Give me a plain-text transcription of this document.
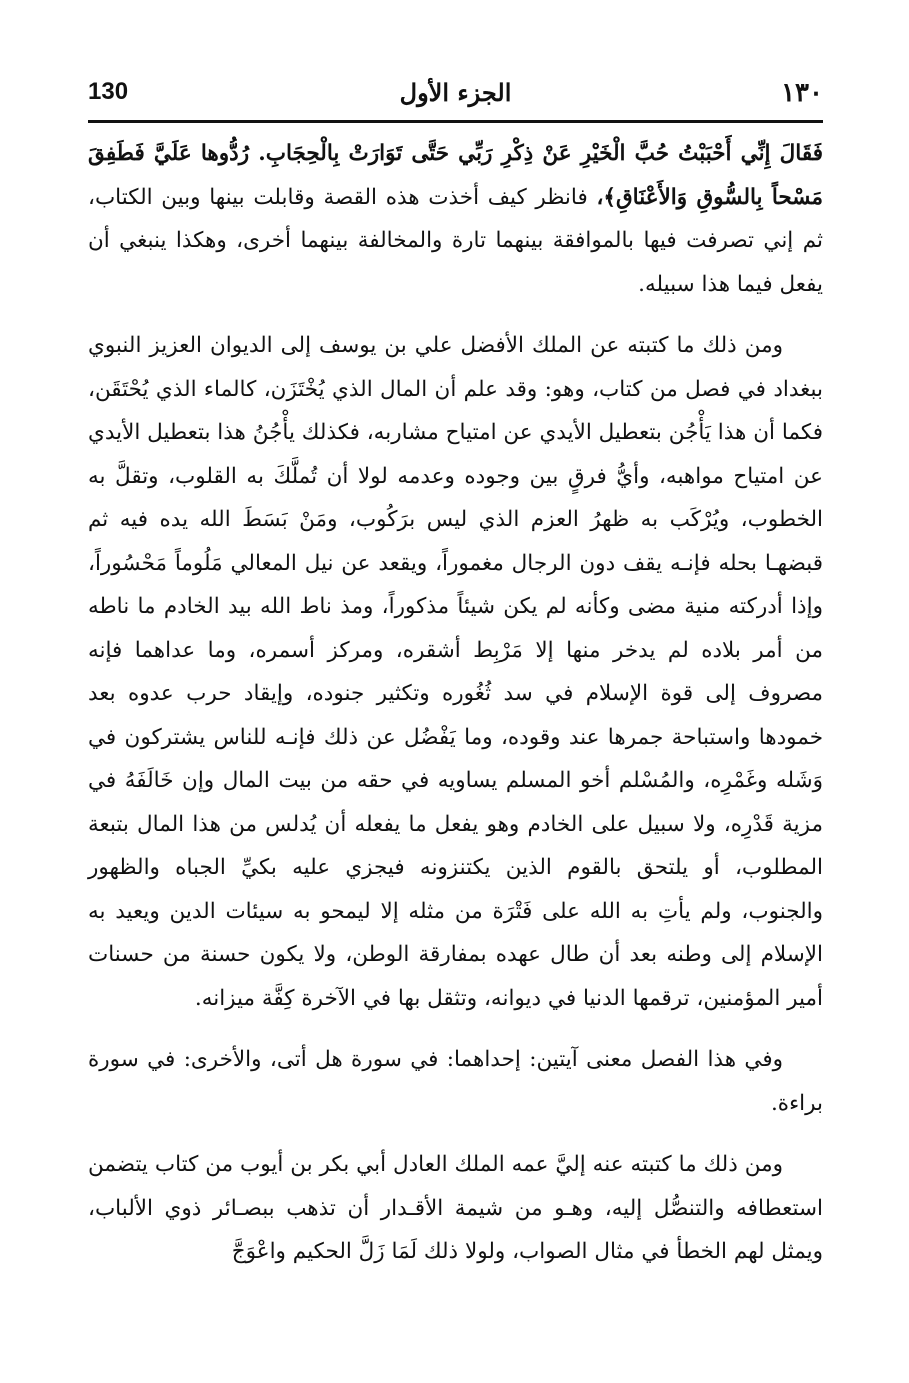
130	الجزء الأول	١٣٠

فَقَالَ إِنِّي أَحْبَبْتُ حُبَّ الْخَيْرِ عَنْ ذِكْرِ رَبِّي حَتَّى تَوَارَتْ بِالْحِجَابِ. رُدُّوها عَلَيَّ فَطَفِقَ مَسْحاً بِالسُّوقِ وَالأَعْنَاقِ﴾، فانظر كيف أخذت هذه القصة وقابلت بينها وبين الكتاب، ثم إني تصرفت فيها بالموافقة بينهما تارة والمخالفة بينهما أخرى، وهكذا ينبغي أن يفعل فيما هذا سبيله.

ومن ذلك ما كتبته عن الملك الأفضل علي بن يوسف إلى الديوان العزيز النبوي ببغداد في فصل من كتاب، وهو: وقد علم أن المال الذي يُخْتَزَن، كالماء الذي يُحْتَقَن، فكما أن هذا يَأْجُن بتعطيل الأيدي عن امتياح مشاربه، فكذلك يأْجُنُ هذا بتعطيل الأيدي عن امتياح مواهبه، وأيُّ فرقٍ بين وجوده وعدمه لولا أن تُملَّكَ به القلوب، وتقلَّ به الخطوب، ويُرْكَب به ظهرُ العزم الذي ليس برَكُوب، ومَنْ بَسَطَ الله يده فيه ثم قبضهـا بحله فإنـه يقف دون الرجال مغموراً، ويقعد عن نيل المعالي مَلُوماً مَحْسُوراً، وإذا أدركته منية مضى وكأنه لم يكن شيئاً مذكوراً، ومذ ناط الله بيد الخادم ما ناطه من أمر بلاده لم يدخر منها إلا مَرْبِط أشقره، ومركز أسمره، وما عداهما فإنه مصروف إلى قوة الإسلام في سد ثُغُوره وتكثير جنوده، وإيقاد حرب عدوه بعد خمودها واستباحة جمرها عند وقوده، وما يَفْضُل عن ذلك فإنـه للناس يشتركون في وَشَله وغَمْرِه، والمُسْلم أخو المسلم يساويه في حقه من بيت المال وإن خَالَفَهُ في مزية قَدْرِه، ولا سبيل على الخادم وهو يفعل ما يفعله أن يُدلس من هذا المال بتبعة المطلوب، أو يلتحق بالقوم الذين يكتنزونه فيجزي عليه بكيِّ الجباه والظهور والجنوب، ولم يأتِ به الله على فَتْرَة من مثله إلا ليمحو به سيئات الدين ويعيد به الإسلام إلى وطنه بعد أن طال عهده بمفارقة الوطن، ولا يكون حسنة من حسنات أمير المؤمنين، ترقمها الدنيا في ديوانه، وتثقل بها في الآخرة كِفَّة ميزانه.

وفي هذا الفصل معنى آيتين: إحداهما: في سورة هل أتى، والأخرى: في سورة براءة.

ومن ذلك ما كتبته عنه إليَّ عمه الملك العادل أبي بكر بن أيوب من كتاب يتضمن استعطافه والتنصُّل إليه، وهـو من شيمة الأقـدار أن تذهب ببصـائر ذوي الألباب، ويمثل لهم الخطأ في مثال الصواب، ولولا ذلك لَمَا زَلَّ الحكيم واعْوَجَّ
